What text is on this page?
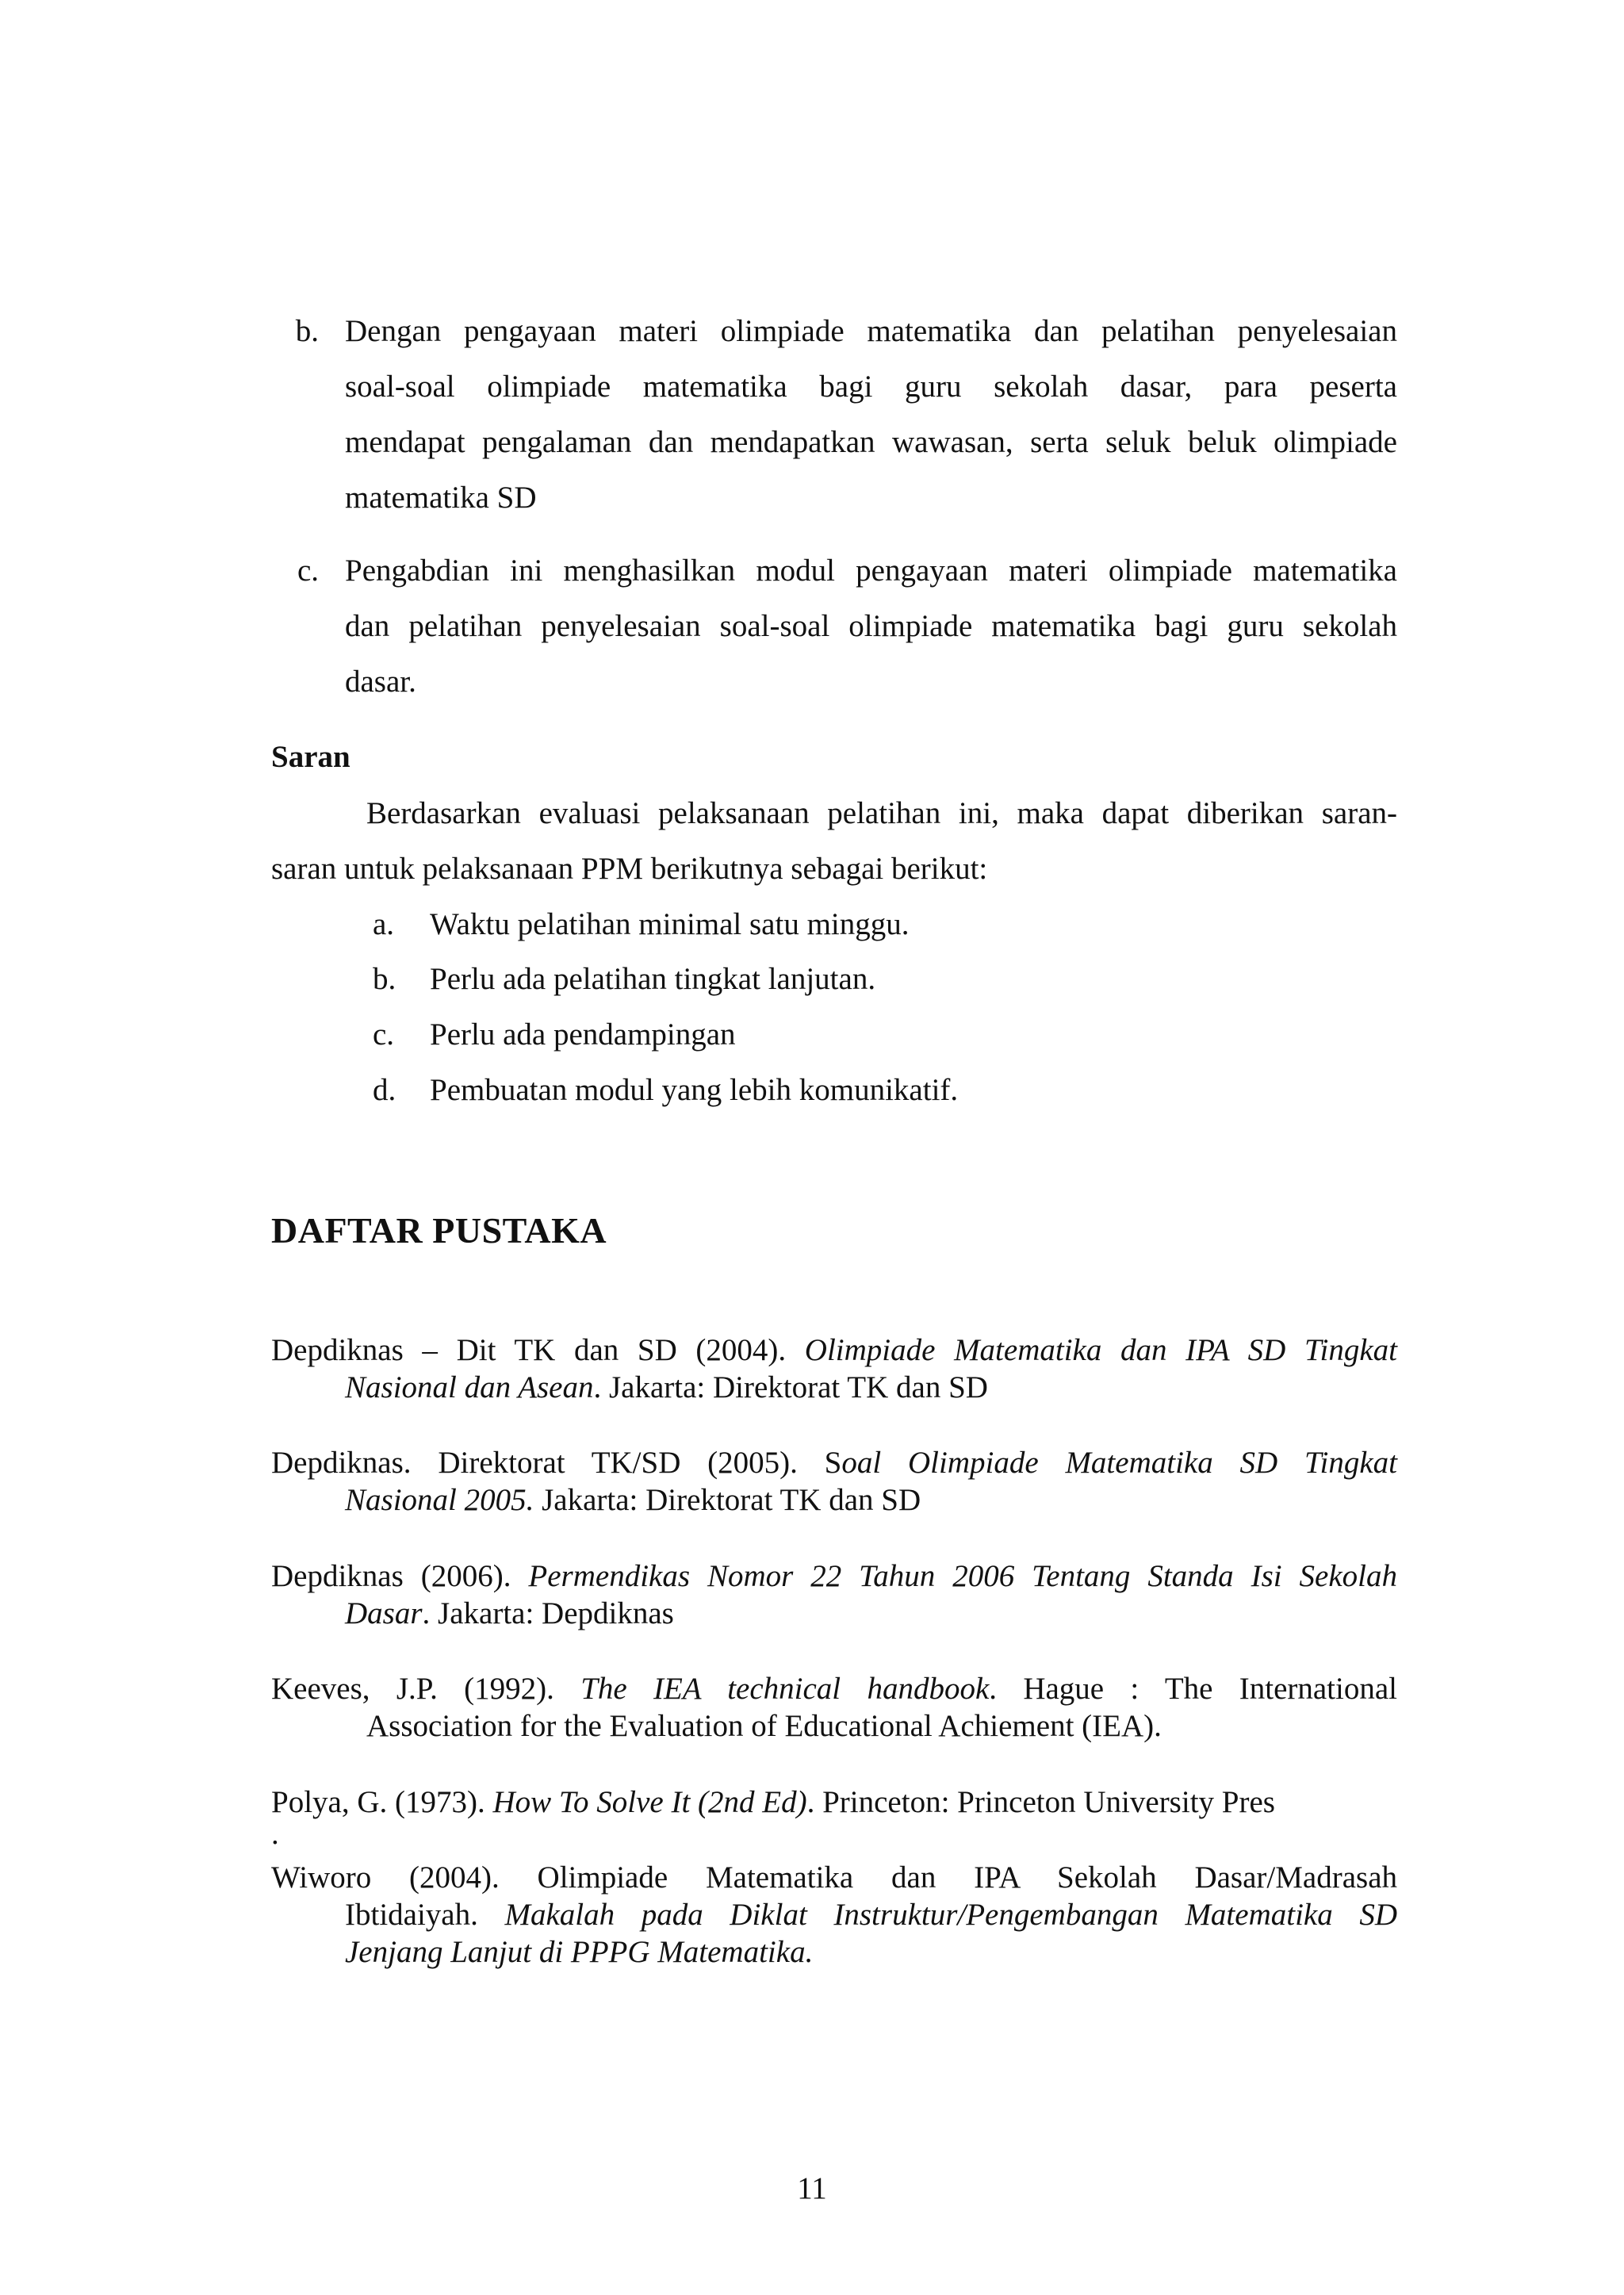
b. Dengan pengayaan materi olimpiade matematika dan pelatihan penyelesaian
soal-soal olimpiade matematika bagi guru sekolah dasar, para peserta
mendapat pengalaman dan mendapatkan wawasan, serta seluk beluk olimpiade
matematika SD
c. Pengabdian ini menghasilkan modul pengayaan materi olimpiade matematika
dan pelatihan penyelesaian soal-soal olimpiade matematika bagi guru sekolah
dasar.
Saran
Berdasarkan evaluasi pelaksanaan pelatihan ini, maka dapat diberikan saran-
saran untuk pelaksanaan PPM berikutnya sebagai berikut:
a.	Waktu pelatihan minimal satu minggu.
b. Perlu ada pelatihan tingkat lanjutan.
c.	Perlu ada pendampingan
d. Pembuatan modul yang lebih komunikatif.
DAFTAR PUSTAKA
Depdiknas – Dit TK dan SD (2004). Olimpiade Matematika dan IPA SD Tingkat
Nasional dan Asean. Jakarta: Direktorat TK dan SD
Depdiknas. Direktorat TK/SD (2005). Soal Olimpiade Matematika SD Tingkat
Nasional 2005. Jakarta: Direktorat TK dan SD
Depdiknas (2006). Permendikas Nomor 22 Tahun 2006 Tentang Standa Isi Sekolah
Dasar. Jakarta: Depdiknas
Keeves, J.P. (1992). The IEA technical handbook. Hague : The International
Association for the Evaluation of Educational Achiement (IEA).
Polya, G. (1973). How To Solve It (2nd Ed). Princeton: Princeton University Pres
.
Wiworo (2004). Olimpiade Matematika dan IPA Sekolah Dasar/Madrasah
Ibtidaiyah. Makalah pada Diklat Instruktur/Pengembangan Matematika SD
Jenjang Lanjut di PPPG Matematika.
11
